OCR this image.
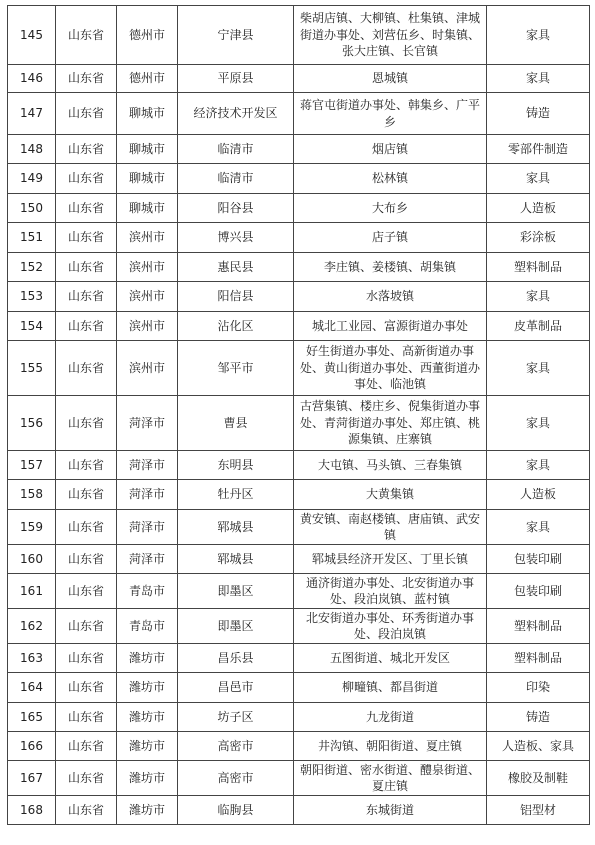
145	山东省	德州市	宁津县	柴胡店镇、大柳镇、杜集镇、津城街道办事处、刘营伍乡、时集镇、张大庄镇、长官镇	家具
146	山东省	德州市	平原县	恩城镇	家具
147	山东省	聊城市	经济技术开发区	蒋官屯街道办事处、韩集乡、广平乡	铸造
148	山东省	聊城市	临清市	烟店镇	零部件制造
149	山东省	聊城市	临清市	松林镇	家具
150	山东省	聊城市	阳谷县	大布乡	人造板
151	山东省	滨州市	博兴县	店子镇	彩涂板
152	山东省	滨州市	惠民县	李庄镇、姜楼镇、胡集镇	塑料制品
153	山东省	滨州市	阳信县	水落坡镇	家具
154	山东省	滨州市	沾化区	城北工业园、富源街道办事处	皮革制品
155	山东省	滨州市	邹平市	好生街道办事处、高新街道办事处、黄山街道办事处、西董街道办事处、临池镇	家具
156	山东省	菏泽市	曹县	古营集镇、楼庄乡、倪集街道办事处、青菏街道办事处、郑庄镇、桃源集镇、庄寨镇	家具
157	山东省	菏泽市	东明县	大屯镇、马头镇、三春集镇	家具
158	山东省	菏泽市	牡丹区	大黄集镇	人造板
159	山东省	菏泽市	郓城县	黄安镇、南赵楼镇、唐庙镇、武安镇	家具
160	山东省	菏泽市	郓城县	郓城县经济开发区、丁里长镇	包装印刷
161	山东省	青岛市	即墨区	通济街道办事处、北安街道办事处、段泊岚镇、蓝村镇	包装印刷
162	山东省	青岛市	即墨区	北安街道办事处、环秀街道办事处、段泊岚镇	塑料制品
163	山东省	潍坊市	昌乐县	五图街道、城北开发区	塑料制品
164	山东省	潍坊市	昌邑市	柳疃镇、都昌街道	印染
165	山东省	潍坊市	坊子区	九龙街道	铸造
166	山东省	潍坊市	高密市	井沟镇、朝阳街道、夏庄镇	人造板、家具
167	山东省	潍坊市	高密市	朝阳街道、密水街道、醴泉街道、夏庄镇	橡胶及制鞋
168	山东省	潍坊市	临朐县	东城街道	铝型材
